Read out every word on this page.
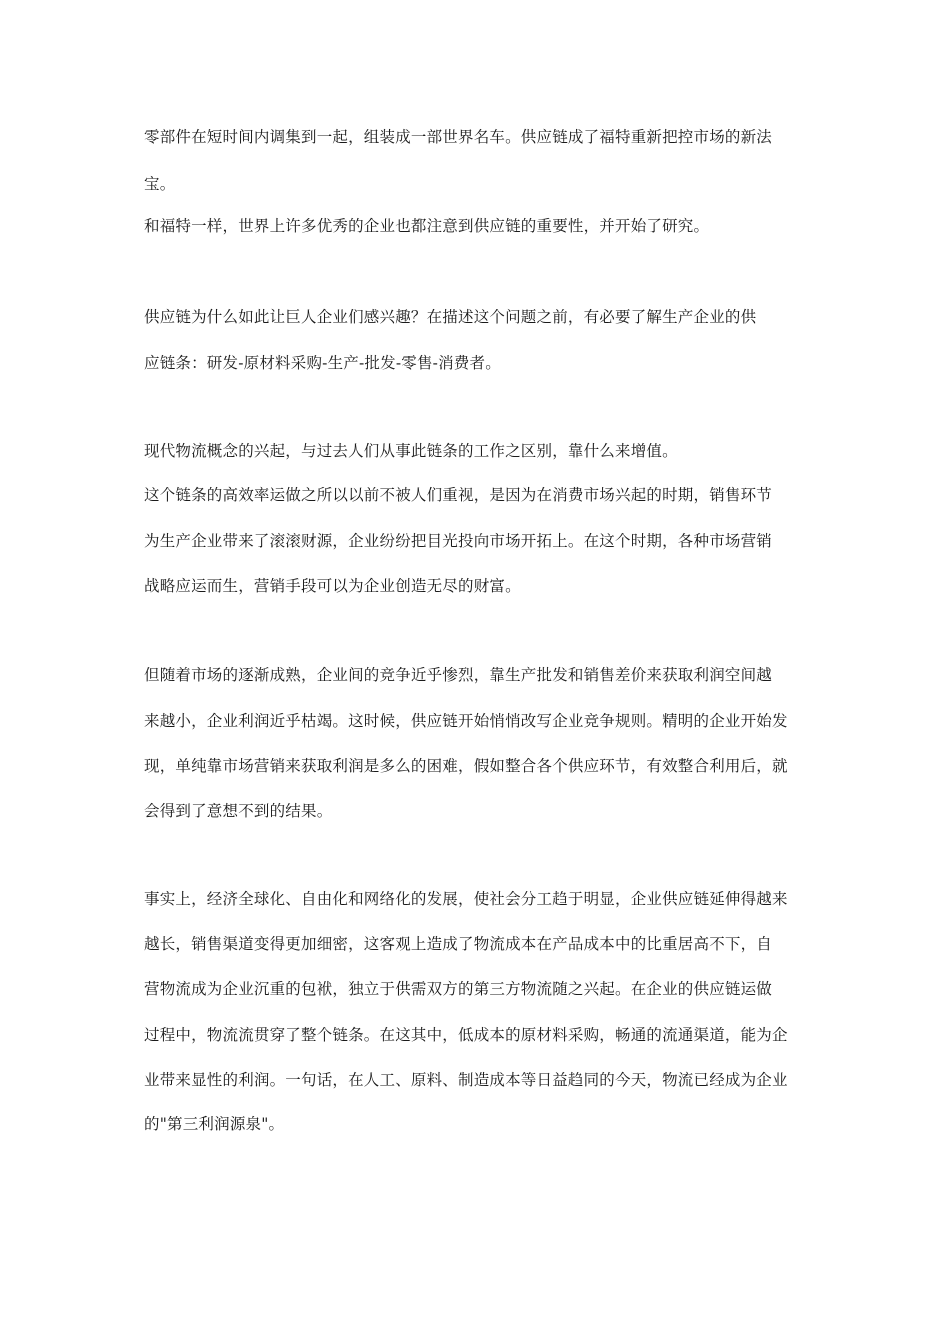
零部件在短时间内调集到一起，组装成一部世界名车。供应链成了福特重新把控市场的新法
宝。
和福特一样，世界上许多优秀的企业也都注意到供应链的重要性，并开始了研究。
供应链为什么如此让巨人企业们感兴趣？在描述这个问题之前，有必要了解生产企业的供
应链条：研发-原材料采购-生产-批发-零售-消费者。
现代物流概念的兴起，与过去人们从事此链条的工作之区别，靠什么来增值。
这个链条的高效率运做之所以以前不被人们重视，是因为在消费市场兴起的时期，销售环节
为生产企业带来了滚滚财源，企业纷纷把目光投向市场开拓上。在这个时期，各种市场营销
战略应运而生，营销手段可以为企业创造无尽的财富。
但随着市场的逐渐成熟，企业间的竞争近乎惨烈，靠生产批发和销售差价来获取利润空间越
来越小，企业利润近乎枯竭。这时候，供应链开始悄悄改写企业竞争规则。精明的企业开始发
现，单纯靠市场营销来获取利润是多么的困难，假如整合各个供应环节，有效整合利用后，就
会得到了意想不到的结果。
事实上，经济全球化、自由化和网络化的发展，使社会分工趋于明显，企业供应链延伸得越来
越长，销售渠道变得更加细密，这客观上造成了物流成本在产品成本中的比重居高不下，自
营物流成为企业沉重的包袱，独立于供需双方的第三方物流随之兴起。在企业的供应链运做
过程中，物流流贯穿了整个链条。在这其中，低成本的原材料采购，畅通的流通渠道，能为企
业带来显性的利润。一句话，在人工、原料、制造成本等日益趋同的今天，物流已经成为企业
的"第三利润源泉"。
